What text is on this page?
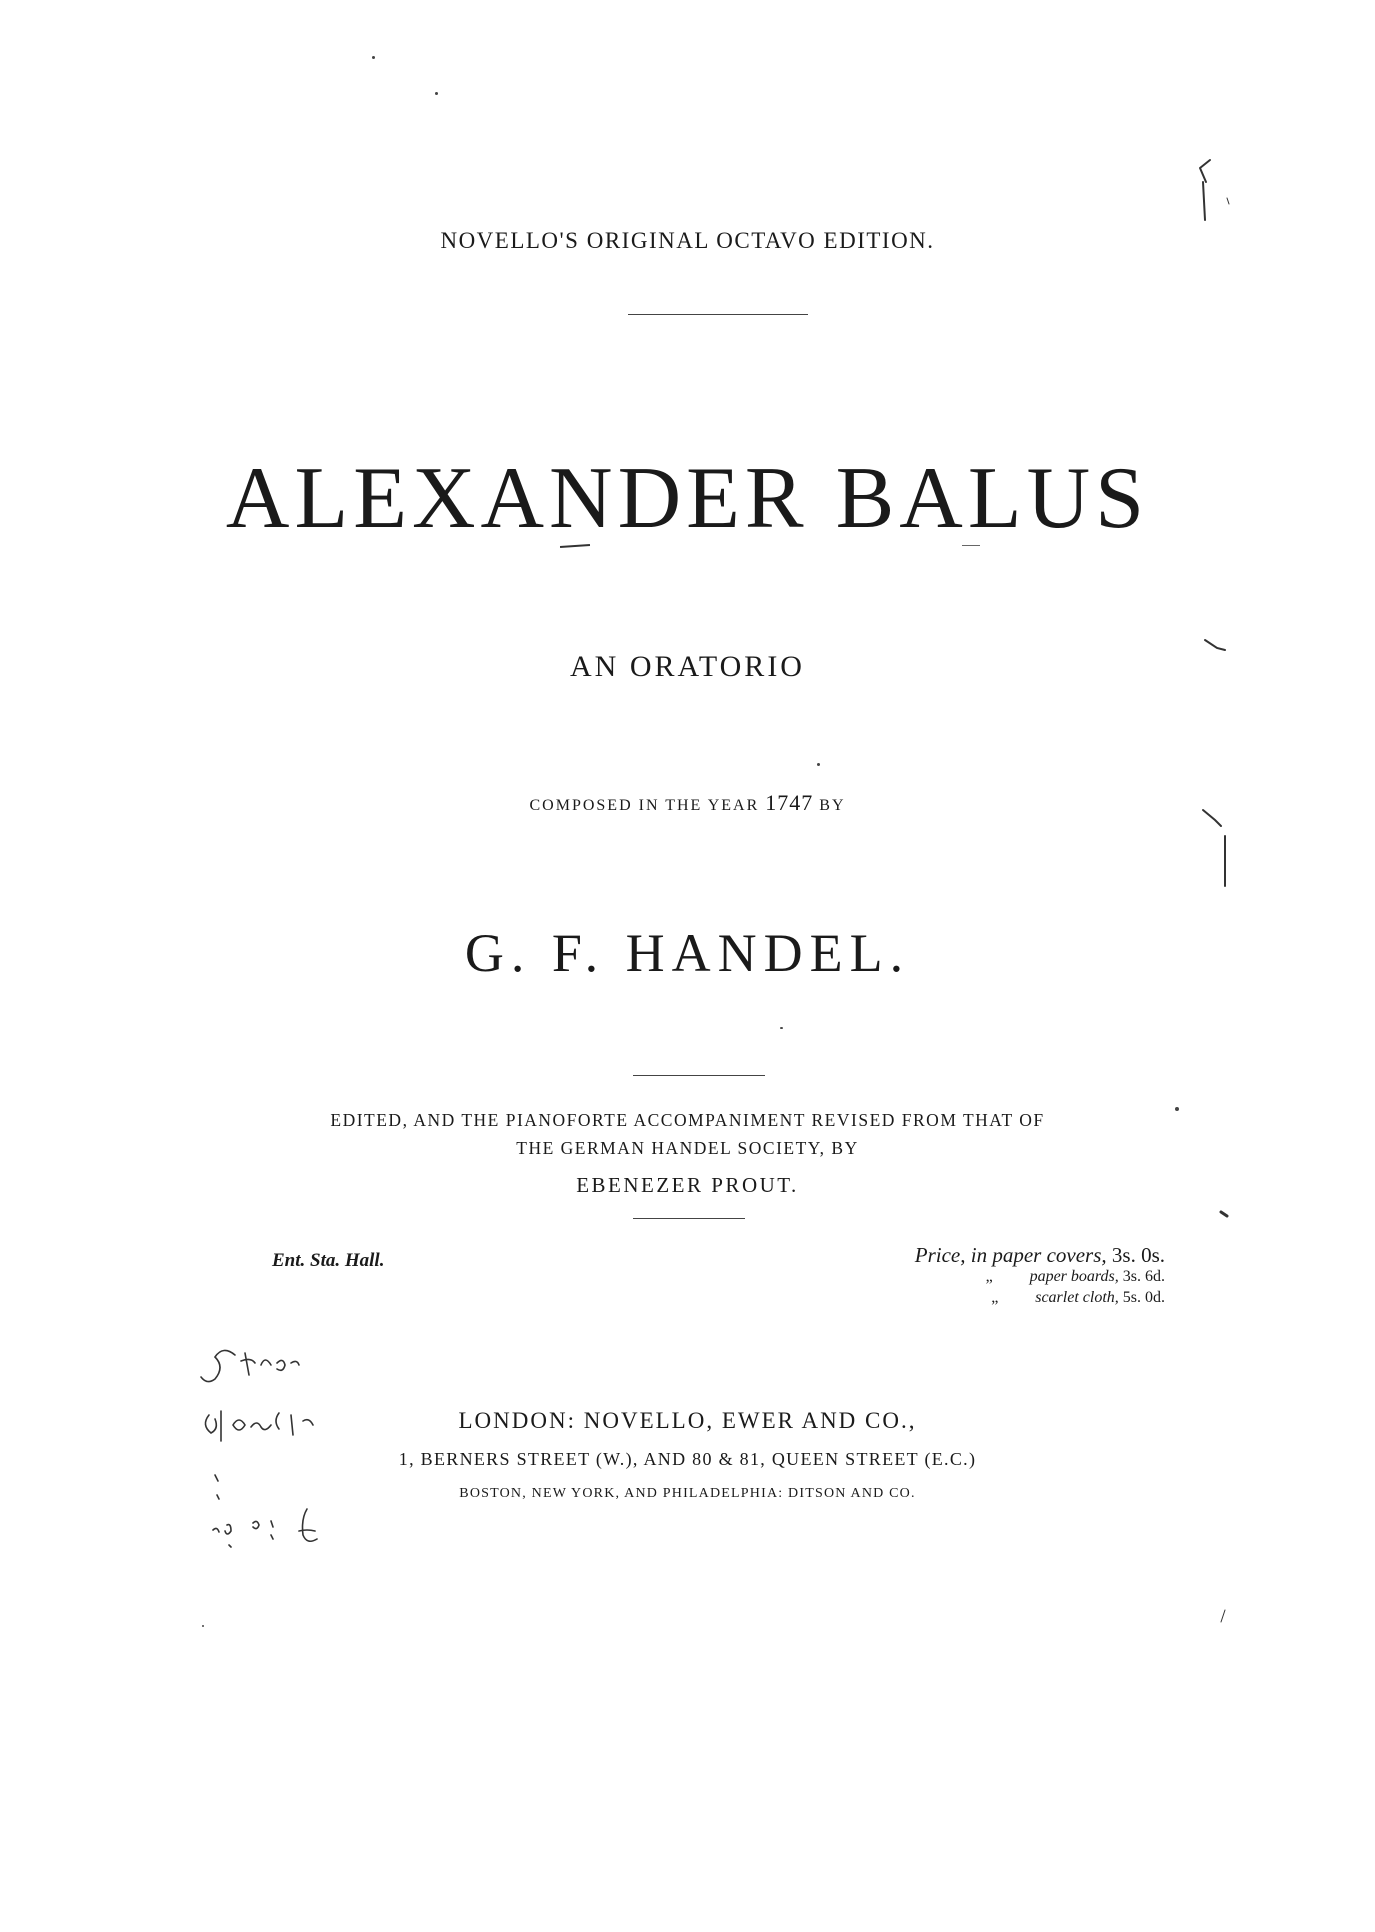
NOVELLO'S ORIGINAL OCTAVO EDITION.
ALEXANDER BALUS
AN ORATORIO
COMPOSED IN THE YEAR 1747 BY
G. F. HANDEL.
EDITED, AND THE PIANOFORTE ACCOMPANIMENT REVISED FROM THAT OF
THE GERMAN HANDEL SOCIETY, BY
EBENEZER PROUT.
Ent. Sta. Hall.	Price, in paper covers, 3s. 0s.
„ paper boards, 3s. 6d.
„ scarlet cloth, 5s. 0d.
LONDON: NOVELLO, EWER AND CO.,
1, BERNERS STREET (W.), AND 80 & 81, QUEEN STREET (E.C.)
BOSTON, NEW YORK, AND PHILADELPHIA: DITSON AND CO.
